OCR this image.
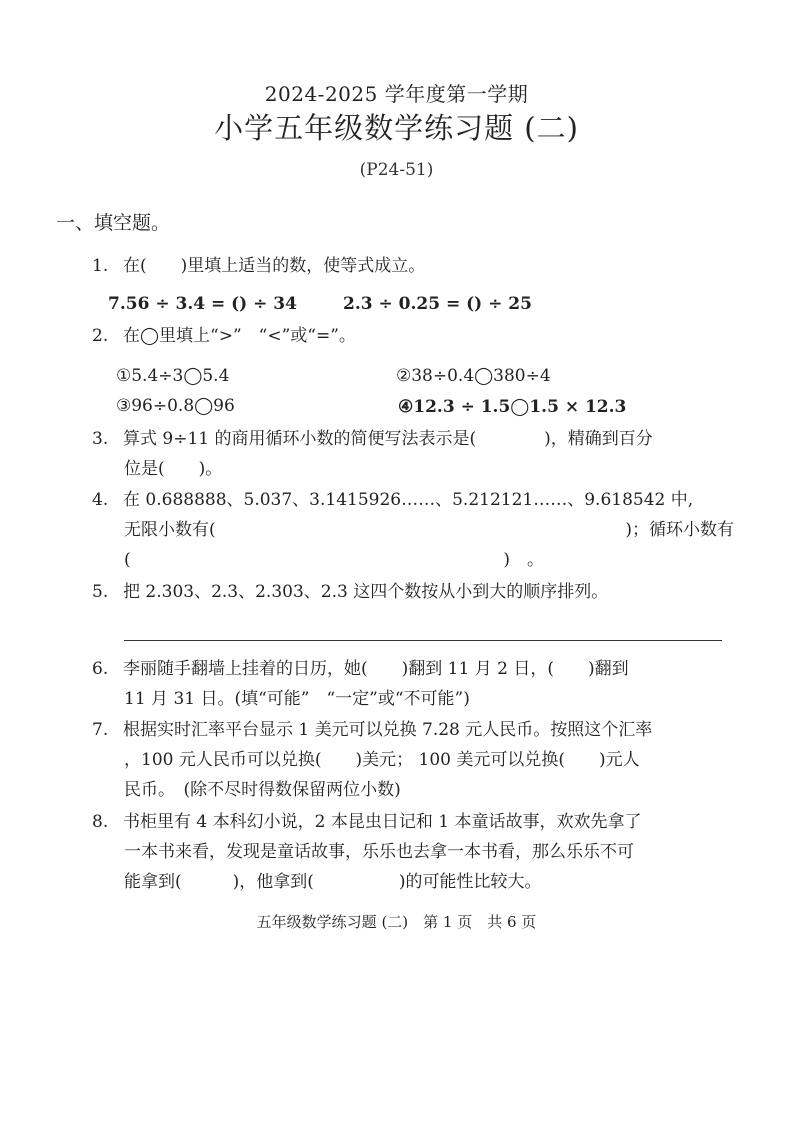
2024-2025 学年度第一学期
小学五年级数学练习题 (二)
(P24-51)
一、填空题。
1. 在(　　)里填上适当的数，使等式成立。
7.56 ÷ 3.4 = () ÷ 34	2.3 ÷ 0.25 = () ÷ 25
2. 在◯里填上“>”　“<”或“=”。
①5.4÷3◯5.4	②38÷0.4◯380÷4
③96÷0.8◯96	④12.3 ÷ 1.5◯1.5 × 12.3
3. 算式 9÷11 的商用循环小数的简便写法表示是(　　　　)，精确到百分
位是(　　)。
4. 在 0.688888、5.037、3.1415926……、5.212121……、9.618542 中,
无限小数有(	)；循环小数有
(	)　。
5. 把 2.303、2.3、2.303、2.3 这四个数按从小到大的顺序排列。
6. 李丽随手翻墙上挂着的日历，她(　　)翻到 11 月 2 日，(　　)翻到
11 月 31 日。(填“可能”　“一定”或“不可能”)
7. 根据实时汇率平台显示 1 美元可以兑换 7.28 元人民币。按照这个汇率
，100 元人民币可以兑换(　　)美元； 100 美元可以兑换(　　)元人
民币。　(除不尽时得数保留两位小数)
8. 书柜里有 4 本科幻小说，2 本昆虫日记和 1 本童话故事，欢欢先拿了
一本书来看，发现是童话故事，乐乐也去拿一本书看，那么乐乐不可
能拿到(　　　)，他拿到(　　　　　)的可能性比较大。
五年级数学练习题 (二)　第 1 页　共 6 页
